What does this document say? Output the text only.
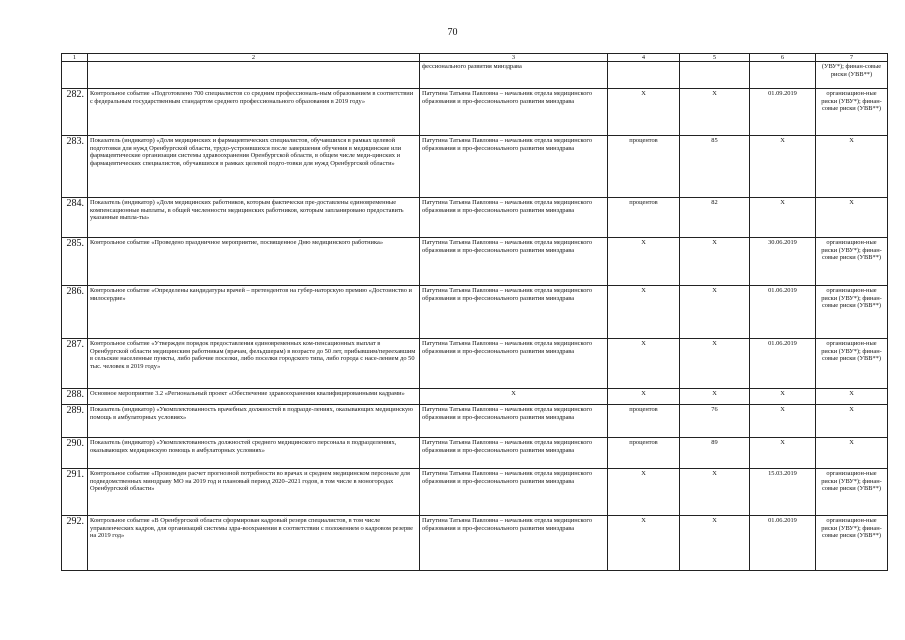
70
1	2	3	4	5	6	7
		фессионального развития минздрава				(УВУ*); финан-совые риски (УВВ**)
282.	Контрольное событие «Подготовлено 700 специалистов со средним профессиональ-ным образованием в соответствии с федеральным государственным стандартом среднего профессионального образования в 2019 году»	Патутина Татьяна Павловна – начальник отдела медицинского образования и про-фессионального развития минздрава	X	X	01.09.2019	организацион-ные риски (УВУ*); финан-совые риски (УВВ**)
283.	Показатель (индикатор) «Доля медицинских и фармацевтических специалистов, обучавшихся в рамках целевой подготовки для нужд Оренбургской области, трудо-устроившихся после завершения обучения в медицинские или фармацевтические организации системы здравоохранения Оренбургской области, в общем числе меди-цинских и фармацевтических специалистов, обучавшихся в рамках целевой подго-товки для нужд Оренбургской области»	Патутина Татьяна Павловна – начальник отдела медицинского образования и про-фессионального развития минздрава	процентов	85	X	X
284.	Показатель (индикатор) «Доля медицинских работников, которым фактически пре-доставлены единовременные компенсационные выплаты, в общей численности медицинских работников, которым запланировано предоставить указанные выпла-ты»	Патутина Татьяна Павловна – начальник отдела медицинского образования и про-фессионального развития минздрава	процентов	82	X	X
285.	Контрольное событие «Проведено праздничное мероприятие, посвященное Дню медицинского работника»	Патутина Татьяна Павловна – начальник отдела медицинского образования и про-фессионального развития минздрава	X	X	30.06.2019	организацион-ные риски (УВУ*); финан-совые риски (УВВ**)
286.	Контрольное событие «Определены кандидатуры врачей – претендентов на губер-наторскую премию «Достоинство и милосердие»	Патутина Татьяна Павловна – начальник отдела медицинского образования и про-фессионального развития минздрава	X	X	01.06.2019	организацион-ные риски (УВУ*); финан-совые риски (УВВ**)
287.	Контрольное событие «Утвержден порядок предоставления единовременных ком-пенсационных выплат в Оренбургской области медицинским работникам (врачам, фельдшерам) в возрасте до 50 лет, прибывшим/переехавшим в сельские населенные пункты, либо рабочие поселки, либо поселки городского типа, либо города с насе-лением до 50 тыс. человек в 2019 году»	Патутина Татьяна Павловна – начальник отдела медицинского образования и про-фессионального развития минздрава	X	X	01.06.2019	организацион-ные риски (УВУ*); финан-совые риски (УВВ**)
288.	Основное мероприятие 3.2 «Региональный проект «Обеспечение здравоохранения квалифицированными кадрами»	X	X	X	X	X
289.	Показатель (индикатор) «Укомплектованность врачебных должностей в подразде-лениях, оказывающих медицинскую помощь в амбулаторных условиях»	Патутина Татьяна Павловна – начальник отдела медицинского образования и про-фессионального развития минздрава	процентов	76	X	X
290.	Показатель (индикатор) «Укомплектованность должностей среднего медицинского персонала в подразделениях, оказывающих медицинскую помощь в амбулаторных условиях»	Патутина Татьяна Павловна – начальник отдела медицинского образования и про-фессионального развития минздрава	процентов	89	X	X
291.	Контрольное событие «Произведен расчет прогнозной потребности во врачах и среднем медицинском персонале для подведомственных минздраву МО на 2019 год и плановый период 2020–2021 годов, в том числе в моногородах Оренбургской области»	Патутина Татьяна Павловна – начальник отдела медицинского образования и про-фессионального развития минздрава	X	X	15.03.2019	организацион-ные риски (УВУ*); финан-совые риски (УВВ**)
292.	Контрольное событие «В Оренбургской области сформирован кадровый резерв специалистов, в том числе управленческих кадров, для организаций системы здра-воохранения в соответствии с положением о кадровом резерве на 2019 год»	Патутина Татьяна Павловна – начальник отдела медицинского образования и про-фессионального развития минздрава	X	X	01.06.2019	организацион-ные риски (УВУ*); финан-совые риски (УВВ**)
